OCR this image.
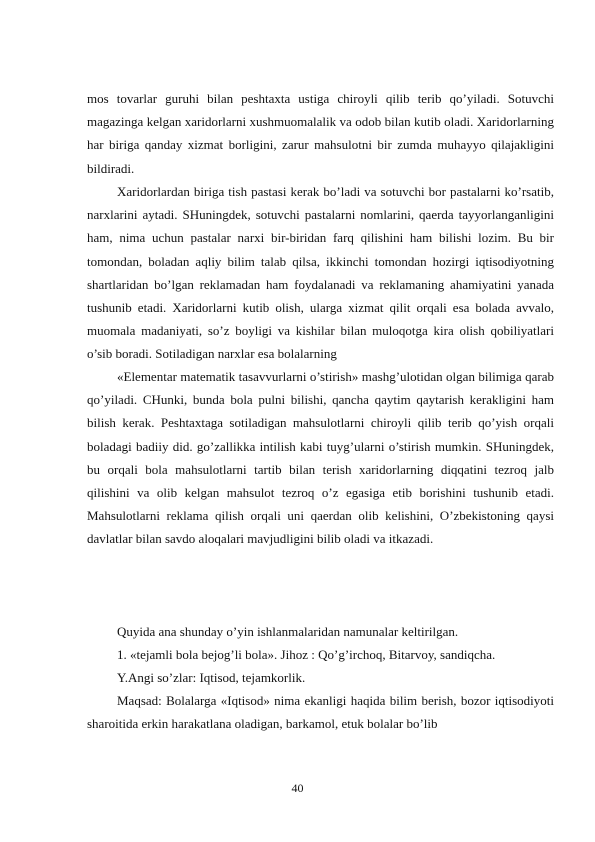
mos tovarlar guruhi bilan peshtaxta ustiga chiroyli qilib terib qo’yiladi. Sotuvchi magazinga kelgan xaridorlarni xushmuomalalik va odob bilan kutib oladi. Xaridorlarning har biriga qanday xizmat borligini, zarur mahsulotni bir zumda muhayyo qilajakligini bildiradi.

Xaridorlardan biriga tish pastasi kerak bo’ladi va sotuvchi bor pastalarni ko’rsatib, narxlarini aytadi. SHuningdek, sotuvchi pastalarni nomlarini, qaerda tayyorlanganligini ham, nima uchun pastalar narxi bir-biridan farq qilishini ham bilishi lozim. Bu bir tomondan, boladan aqliy bilim talab qilsa, ikkinchi tomondan hozirgi iqtisodiyotning shartlaridan bo’lgan reklamadan ham foydalanadi va reklamaning ahamiyatini yanada tushunib etadi. Xaridorlarni kutib olish, ularga xizmat qilit orqali esa bolada avvalo, muomala madaniyati, so’z boyligi va kishilar bilan muloqotga kira olish qobiliyatlari o’sib boradi. Sotiladigan narxlar esa bolalarning

«Elementar matematik tasavvurlarni o’stirish» mashg’ulotidan olgan bilimiga qarab qo’yiladi. CHunki, bunda bola pulni bilishi, qancha qaytim qaytarish kerakligini ham bilish kerak. Peshtaxtaga sotiladigan mahsulotlarni chiroyli qilib terib qo’yish orqali boladagi badiiy did. go’zallikka intilish kabi tuyg’ularni o’stirish mumkin. SHuningdek, bu orqali bola mahsulotlarni tartib bilan terish xaridorlarning diqqatini tezroq jalb qilishini va olib kelgan mahsulot tezroq o’z egasiga etib borishini tushunib etadi. Mahsulotlarni reklama qilish orqali uni qaerdan olib kelishini, O’zbekistoning qaysi davlatlar bilan savdo aloqalari mavjudligini bilib oladi va itkazadi.

Quyida ana shunday o’yin ishlanmalaridan namunalar keltirilgan.

1. «tejamli bola bejog’li bola». Jihoz : Qo’g’irchoq, Bitarvoy, sandiqcha.

Y.Angi so’zlar: Iqtisod, tejamkorlik.

Maqsad: Bolalarga «Iqtisod» nima ekanligi haqida bilim berish, bozor iqtisodiyoti sharoitida erkin harakatlana oladigan, barkamol, etuk bolalar bo’lib

40
